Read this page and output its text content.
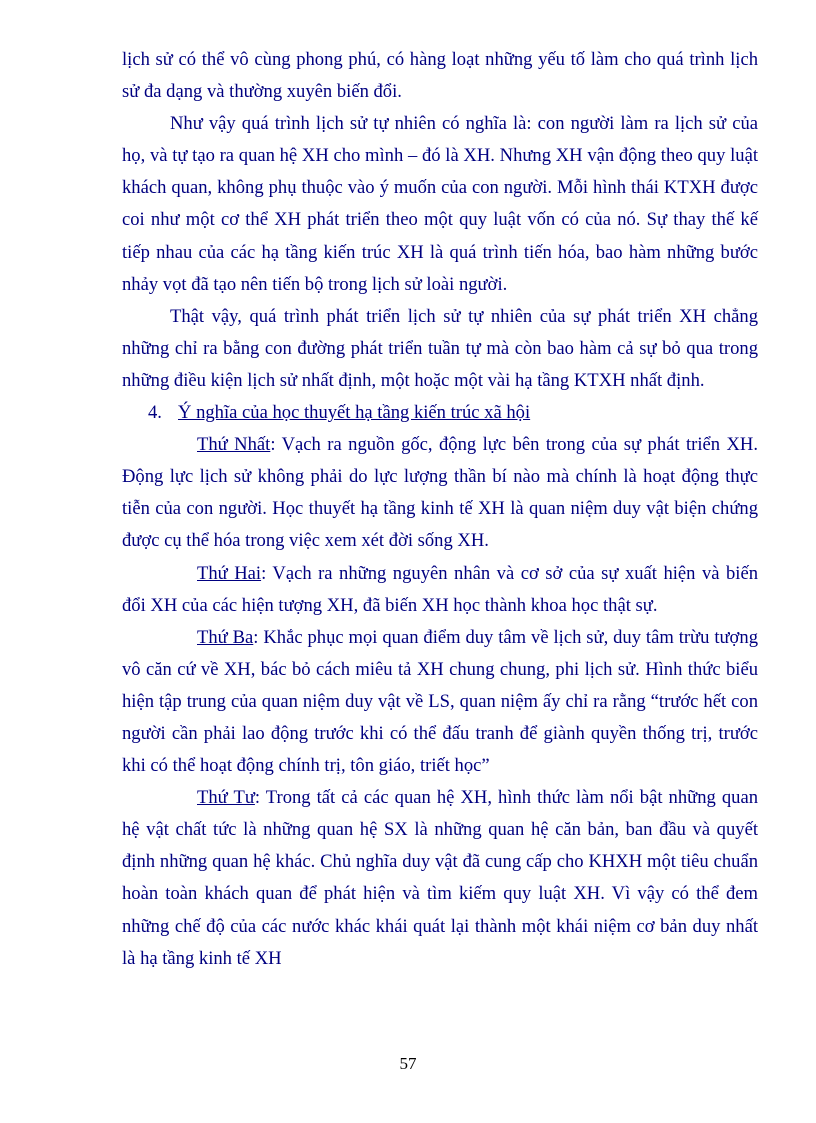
lịch sử có thể vô cùng phong phú, có hàng loạt những yếu tố làm cho quá trình lịch sử đa dạng và thường xuyên biến đổi.

Như vậy quá trình lịch sử tự nhiên có nghĩa là: con người làm ra lịch sử của họ, và tự tạo ra quan hệ XH cho mình – đó là XH. Nhưng XH vận động theo quy luật khách quan, không phụ thuộc vào ý muốn của con người. Mỗi hình thái KTXH được coi như một cơ thể XH phát triển theo một quy luật vốn có của nó. Sự thay thế kế tiếp nhau của các hạ tầng kiến trúc XH là quá trình tiến hóa, bao hàm những bước nhảy vọt đã tạo nên tiến bộ trong lịch sử loài người.

Thật vậy, quá trình phát triển lịch sử tự nhiên của sự phát triển XH chẳng những chỉ ra bằng con đường phát triển tuần tự mà còn bao hàm cả sự bỏ qua trong những điều kiện lịch sử nhất định, một hoặc một vài hạ tầng KTXH nhất định.

4. Ý nghĩa của học thuyết hạ tầng kiến trúc xã hội

Thứ Nhất: Vạch ra nguồn gốc, động lực bên trong của sự phát triển XH. Động lực lịch sử không phải do lực lượng thần bí nào mà chính là hoạt động thực tiễn của con người. Học thuyết hạ tầng kinh tế XH là quan niệm duy vật biện chứng được cụ thể hóa trong việc xem xét đời sống XH.

Thứ Hai: Vạch ra những nguyên nhân và cơ sở của sự xuất hiện và biến đổi XH của các hiện tượng XH, đã biến XH học thành khoa học thật sự.

Thứ Ba: Khắc phục mọi quan điểm duy tâm về lịch sử, duy tâm trừu tượng vô căn cứ về XH, bác bỏ cách miêu tả XH chung chung, phi lịch sử. Hình thức biểu hiện tập trung của quan niệm duy vật về LS, quan niệm ấy chỉ ra rằng “trước hết con người cần phải lao động trước khi có thể đấu tranh để giành quyền thống trị, trước khi có thể hoạt động chính trị, tôn giáo, triết học”

Thứ Tư: Trong tất cả các quan hệ XH, hình thức làm nổi bật những quan hệ vật chất tức là những quan hệ SX là những quan hệ căn bản, ban đầu và quyết định những quan hệ khác. Chủ nghĩa duy vật đã cung cấp cho KHXH một tiêu chuẩn hoàn toàn khách quan để phát hiện và tìm kiếm quy luật XH. Vì vậy có thể đem những chế độ của các nước khác khái quát lại thành một khái niệm cơ bản duy nhất là hạ tầng kinh tế XH

57
